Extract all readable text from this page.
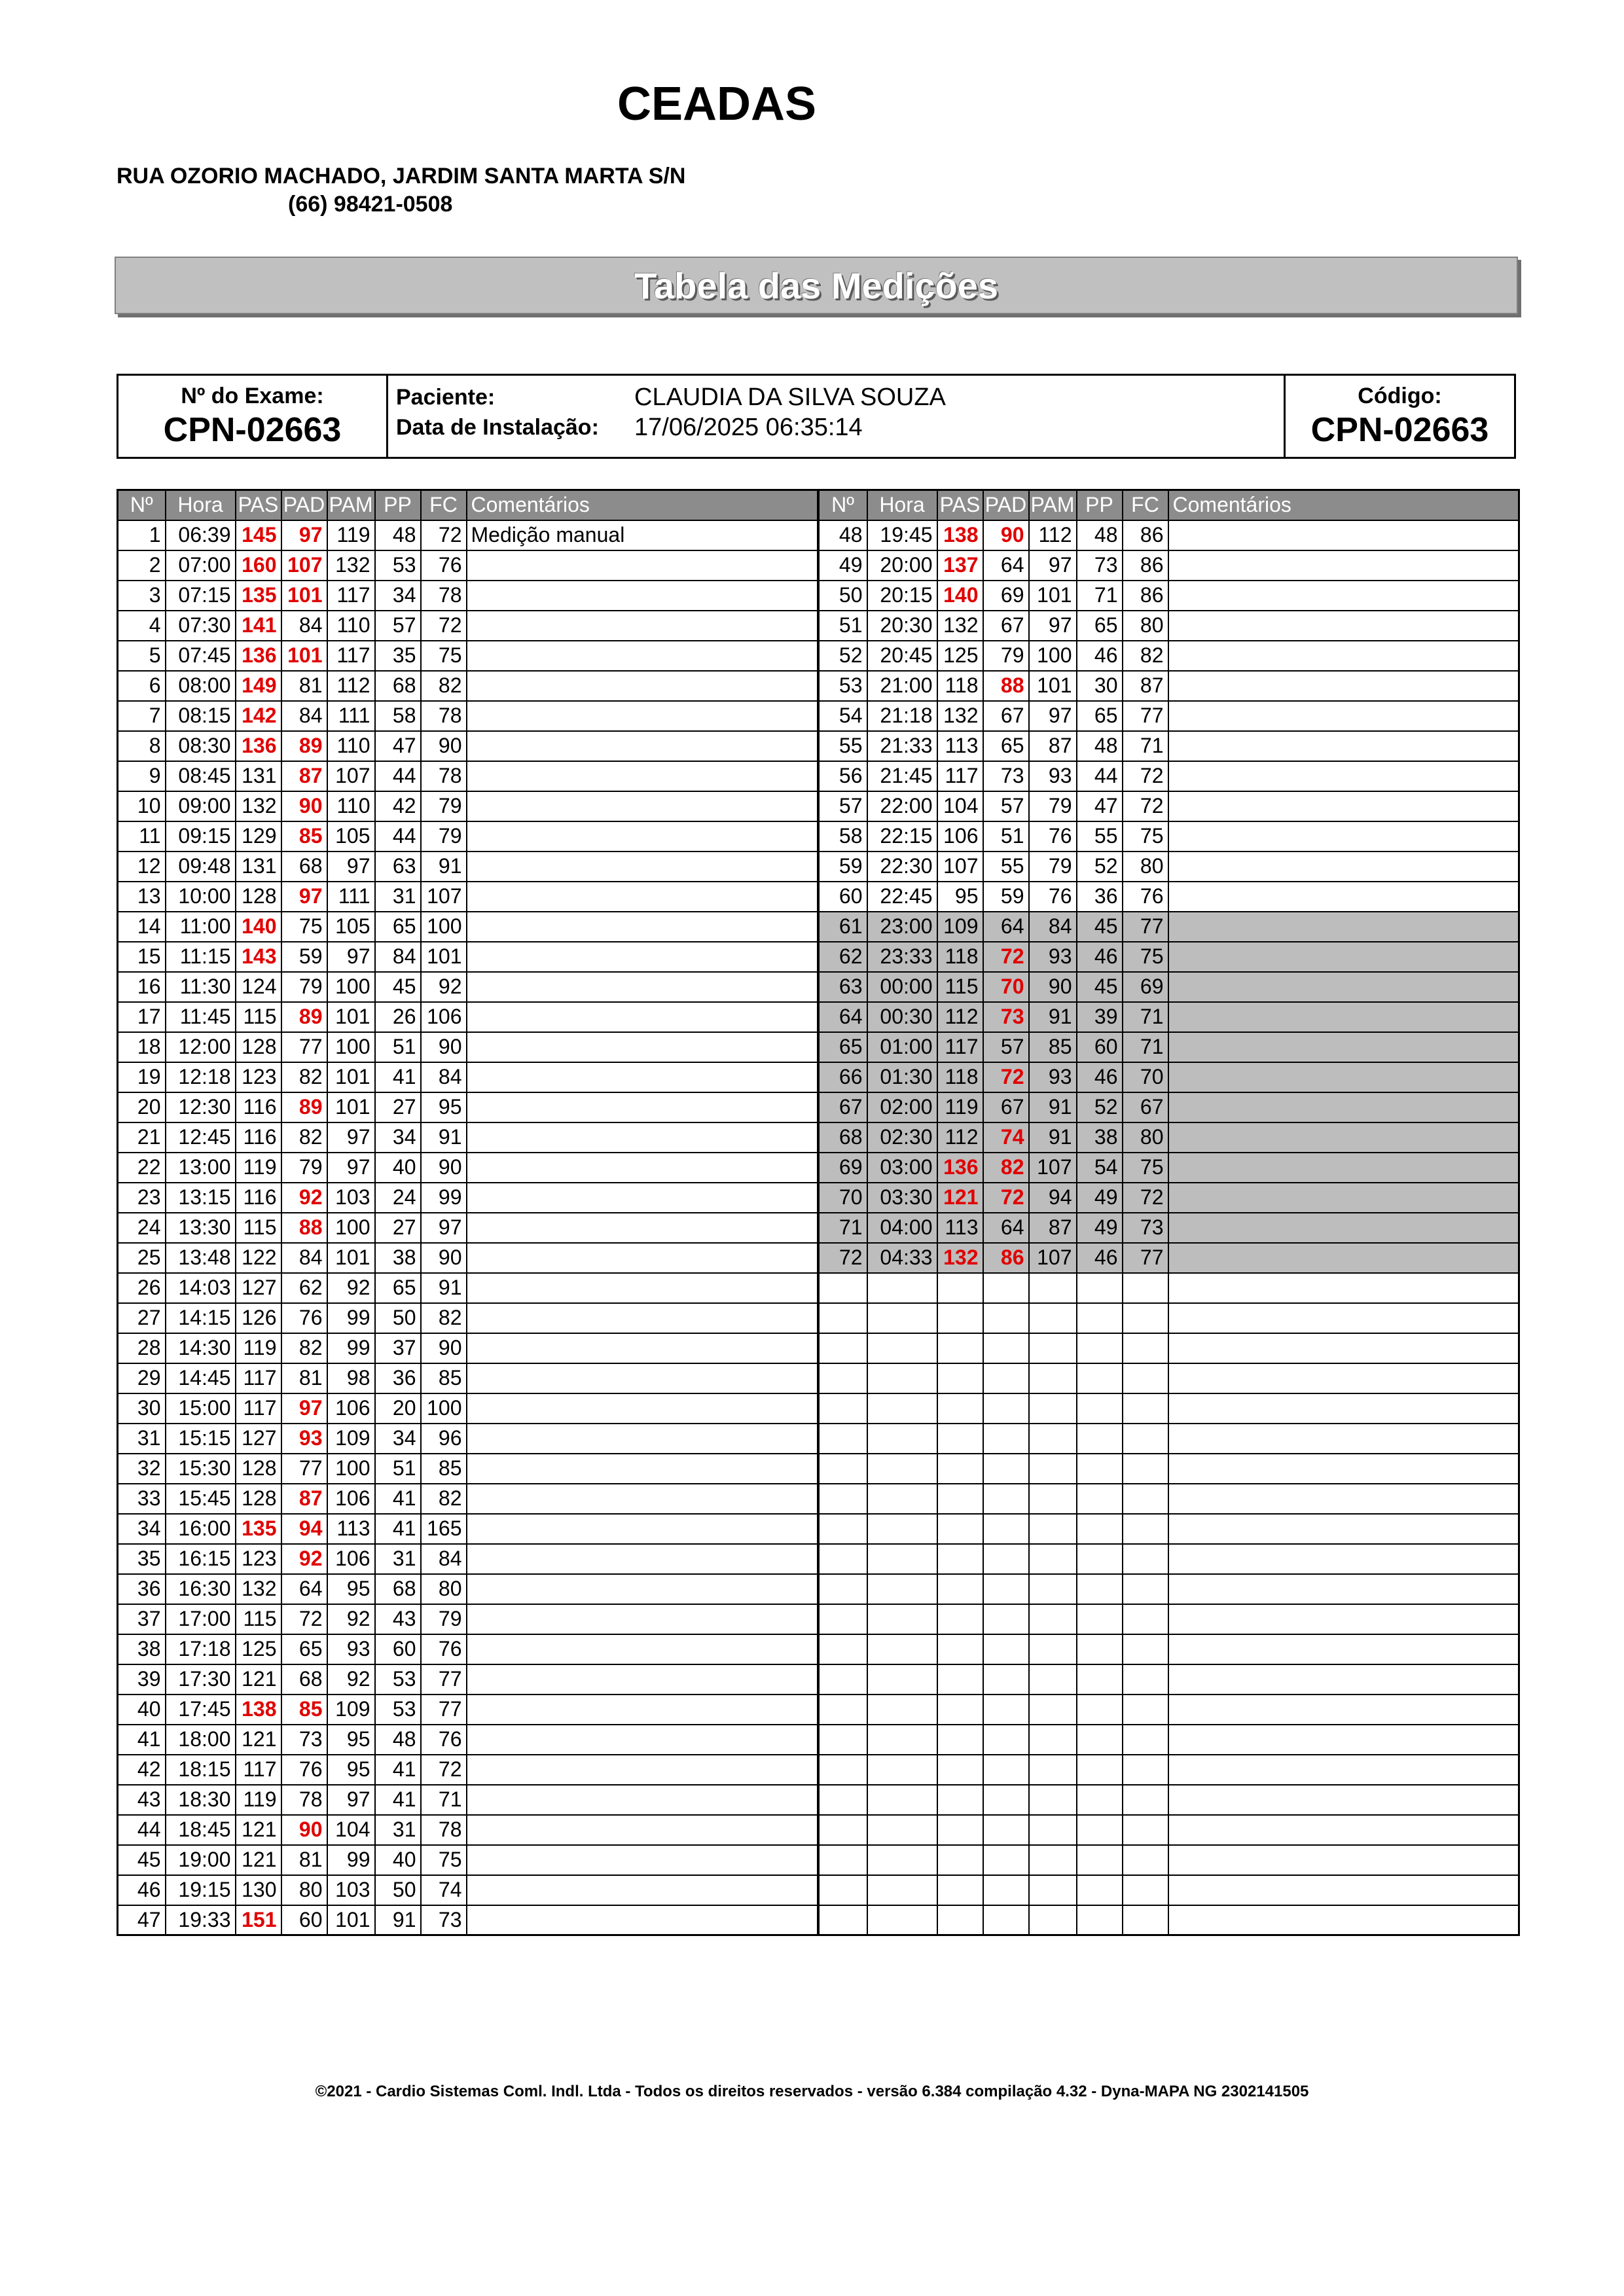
CEADAS
RUA OZORIO MACHADO, JARDIM SANTA MARTA S/N
(66) 98421-0508
Tabela das Medições
Nº do Exame:
CPN-02663
Paciente:	CLAUDIA DA SILVA SOUZA
Data de Instalação: 17/06/2025 06:35:14
Código:
CPN-02663
Nº	Hora	PAS	PAD	PAM	PP	FC	Comentários	Nº	Hora	PAS	PAD	PAM	PP	FC	Comentários
1	06:39	145	97	119	48	72	Medição manual	48	19:45	138	90	112	48	86	
2	07:00	160	107	132	53	76		49	20:00	137	64	97	73	86	
3	07:15	135	101	117	34	78		50	20:15	140	69	101	71	86	
4	07:30	141	84	110	57	72		51	20:30	132	67	97	65	80	
5	07:45	136	101	117	35	75		52	20:45	125	79	100	46	82	
6	08:00	149	81	112	68	82		53	21:00	118	88	101	30	87	
7	08:15	142	84	111	58	78		54	21:18	132	67	97	65	77	
8	08:30	136	89	110	47	90		55	21:33	113	65	87	48	71	
9	08:45	131	87	107	44	78		56	21:45	117	73	93	44	72	
10	09:00	132	90	110	42	79		57	22:00	104	57	79	47	72	
11	09:15	129	85	105	44	79		58	22:15	106	51	76	55	75	
12	09:48	131	68	97	63	91		59	22:30	107	55	79	52	80	
13	10:00	128	97	111	31	107		60	22:45	95	59	76	36	76	
14	11:00	140	75	105	65	100		61	23:00	109	64	84	45	77	
15	11:15	143	59	97	84	101		62	23:33	118	72	93	46	75	
16	11:30	124	79	100	45	92		63	00:00	115	70	90	45	69	
17	11:45	115	89	101	26	106		64	00:30	112	73	91	39	71	
18	12:00	128	77	100	51	90		65	01:00	117	57	85	60	71	
19	12:18	123	82	101	41	84		66	01:30	118	72	93	46	70	
20	12:30	116	89	101	27	95		67	02:00	119	67	91	52	67	
21	12:45	116	82	97	34	91		68	02:30	112	74	91	38	80	
22	13:00	119	79	97	40	90		69	03:00	136	82	107	54	75	
23	13:15	116	92	103	24	99		70	03:30	121	72	94	49	72	
24	13:30	115	88	100	27	97		71	04:00	113	64	87	49	73	
25	13:48	122	84	101	38	90		72	04:33	132	86	107	46	77	
26	14:03	127	62	92	65	91									
27	14:15	126	76	99	50	82									
28	14:30	119	82	99	37	90									
29	14:45	117	81	98	36	85									
30	15:00	117	97	106	20	100									
31	15:15	127	93	109	34	96									
32	15:30	128	77	100	51	85									
33	15:45	128	87	106	41	82									
34	16:00	135	94	113	41	165									
35	16:15	123	92	106	31	84									
36	16:30	132	64	95	68	80									
37	17:00	115	72	92	43	79									
38	17:18	125	65	93	60	76									
39	17:30	121	68	92	53	77									
40	17:45	138	85	109	53	77									
41	18:00	121	73	95	48	76									
42	18:15	117	76	95	41	72									
43	18:30	119	78	97	41	71									
44	18:45	121	90	104	31	78									
45	19:00	121	81	99	40	75									
46	19:15	130	80	103	50	74									
47	19:33	151	60	101	91	73									
©2021 - Cardio Sistemas Coml. Indl. Ltda - Todos os direitos reservados - versão 6.384 compilação 4.32 - Dyna-MAPA NG 2302141505
